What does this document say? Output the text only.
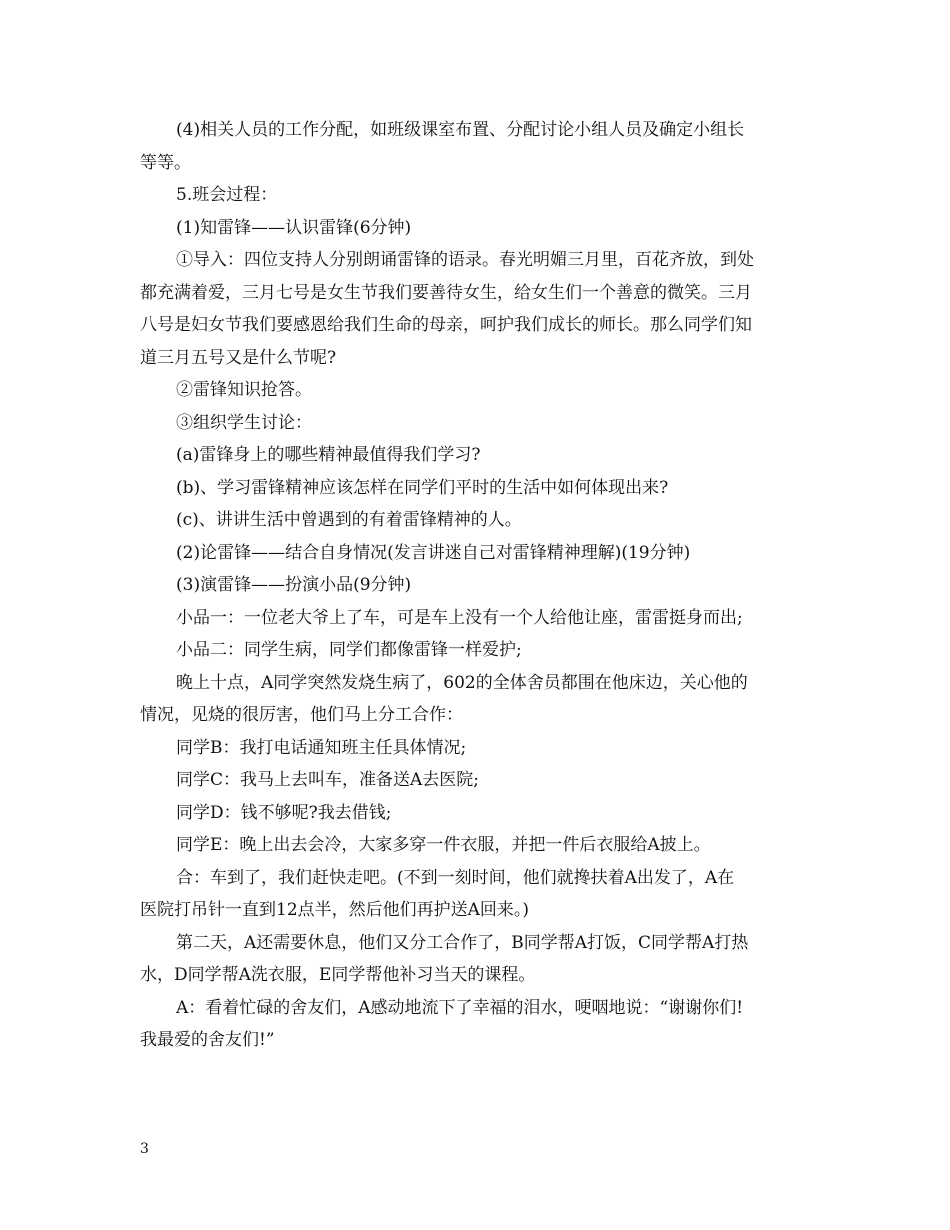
(4)相关人员的工作分配，如班级课室布置、分配讨论小组人员及确定小组长
等等。
5.班会过程：
(1)知雷锋——认识雷锋(6分钟)
①导入：四位支持人分别朗诵雷锋的语录。春光明媚三月里，百花齐放，到处
都充满着爱，三月七号是女生节我们要善待女生，给女生们一个善意的微笑。三月
八号是妇女节我们要感恩给我们生命的母亲，呵护我们成长的师长。那么同学们知
道三月五号又是什么节呢?
②雷锋知识抢答。
③组织学生讨论：
(a)雷锋身上的哪些精神最值得我们学习?
(b)、学习雷锋精神应该怎样在同学们平时的生活中如何体现出来?
(c)、讲讲生活中曾遇到的有着雷锋精神的人。
(2)论雷锋——结合自身情况(发言讲迷自己对雷锋精神理解)(19分钟)
(3)演雷锋——扮演小品(9分钟)
小品一：一位老大爷上了车，可是车上没有一个人给他让座，雷雷挺身而出;
小品二：同学生病，同学们都像雷锋一样爱护;
晚上十点，A同学突然发烧生病了，602的全体舍员都围在他床边，关心他的
情况，见烧的很厉害，他们马上分工合作：
同学B：我打电话通知班主任具体情况;
同学C：我马上去叫车，准备送A去医院;
同学D：钱不够呢?我去借钱;
同学E：晚上出去会冷，大家多穿一件衣服，并把一件后衣服给A披上。
合：车到了，我们赶快走吧。(不到一刻时间，他们就搀扶着A出发了，A在
医院打吊针一直到12点半，然后他们再护送A回来。)
第二天，A还需要休息，他们又分工合作了，B同学帮A打饭，C同学帮A打热
水，D同学帮A洗衣服，E同学帮他补习当天的课程。
A：看着忙碌的舍友们，A感动地流下了幸福的泪水，哽咽地说：“谢谢你们!
我最爱的舍友们!”
3
